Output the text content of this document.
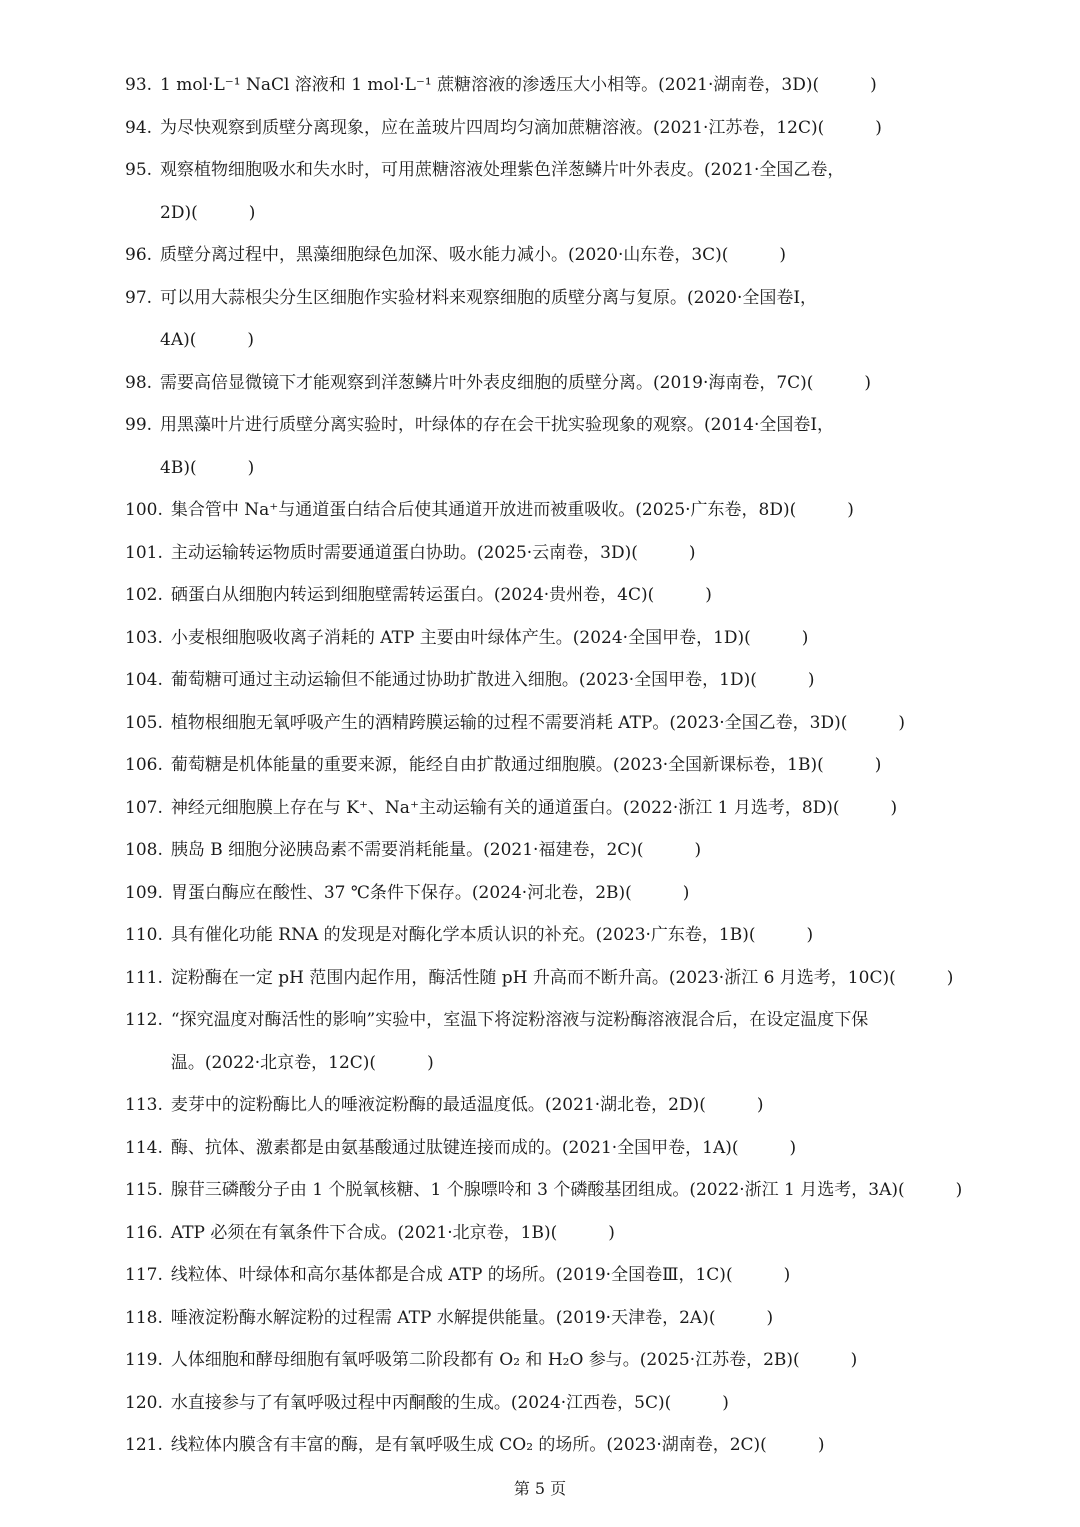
93. 1 mol·L⁻¹ NaCl 溶液和 1 mol·L⁻¹ 蔗糖溶液的渗透压大小相等。(2021·湖南卷，3D)(　　　)
94. 为尽快观察到质壁分离现象，应在盖玻片四周均匀滴加蔗糖溶液。(2021·江苏卷，12C)(　　　)
95. 观察植物细胞吸水和失水时，可用蔗糖溶液处理紫色洋葱鳞片叶外表皮。(2021·全国乙卷，
2D)(　　　)
96. 质壁分离过程中，黑藻细胞绿色加深、吸水能力减小。(2020·山东卷，3C)(　　　)
97. 可以用大蒜根尖分生区细胞作实验材料来观察细胞的质壁分离与复原。(2020·全国卷Ⅰ，
4A)(　　　)
98. 需要高倍显微镜下才能观察到洋葱鳞片叶外表皮细胞的质壁分离。(2019·海南卷，7C)(　　　)
99. 用黑藻叶片进行质壁分离实验时，叶绿体的存在会干扰实验现象的观察。(2014·全国卷Ⅰ，
4B)(　　　)
100. 集合管中 Na⁺与通道蛋白结合后使其通道开放进而被重吸收。(2025·广东卷，8D)(　　　)
101. 主动运输转运物质时需要通道蛋白协助。(2025·云南卷，3D)(　　　)
102. 硒蛋白从细胞内转运到细胞壁需转运蛋白。(2024·贵州卷，4C)(　　　)
103. 小麦根细胞吸收离子消耗的 ATP 主要由叶绿体产生。(2024·全国甲卷，1D)(　　　)
104. 葡萄糖可通过主动运输但不能通过协助扩散进入细胞。(2023·全国甲卷，1D)(　　　)
105. 植物根细胞无氧呼吸产生的酒精跨膜运输的过程不需要消耗 ATP。(2023·全国乙卷，3D)(　　　)
106. 葡萄糖是机体能量的重要来源，能经自由扩散通过细胞膜。(2023·全国新课标卷，1B)(　　　)
107. 神经元细胞膜上存在与 K⁺、Na⁺主动运输有关的通道蛋白。(2022·浙江 1 月选考，8D)(　　　)
108. 胰岛 B 细胞分泌胰岛素不需要消耗能量。(2021·福建卷，2C)(　　　)
109. 胃蛋白酶应在酸性、37 ℃条件下保存。(2024·河北卷，2B)(　　　)
110. 具有催化功能 RNA 的发现是对酶化学本质认识的补充。(2023·广东卷，1B)(　　　)
111. 淀粉酶在一定 pH 范围内起作用，酶活性随 pH 升高而不断升高。(2023·浙江 6 月选考，10C)(　　　)
112. “探究温度对酶活性的影响”实验中，室温下将淀粉溶液与淀粉酶溶液混合后，在设定温度下保
温。(2022·北京卷，12C)(　　　)
113. 麦芽中的淀粉酶比人的唾液淀粉酶的最适温度低。(2021·湖北卷，2D)(　　　)
114. 酶、抗体、激素都是由氨基酸通过肽键连接而成的。(2021·全国甲卷，1A)(　　　)
115. 腺苷三磷酸分子由 1 个脱氧核糖、1 个腺嘌呤和 3 个磷酸基团组成。(2022·浙江 1 月选考，3A)(　　　)
116. ATP 必须在有氧条件下合成。(2021·北京卷，1B)(　　　)
117. 线粒体、叶绿体和高尔基体都是合成 ATP 的场所。(2019·全国卷Ⅲ，1C)(　　　)
118. 唾液淀粉酶水解淀粉的过程需 ATP 水解提供能量。(2019·天津卷，2A)(　　　)
119. 人体细胞和酵母细胞有氧呼吸第二阶段都有 O₂ 和 H₂O 参与。(2025·江苏卷，2B)(　　　)
120. 水直接参与了有氧呼吸过程中丙酮酸的生成。(2024·江西卷，5C)(　　　)
121. 线粒体内膜含有丰富的酶，是有氧呼吸生成 CO₂ 的场所。(2023·湖南卷，2C)(　　　)
第 5 页
